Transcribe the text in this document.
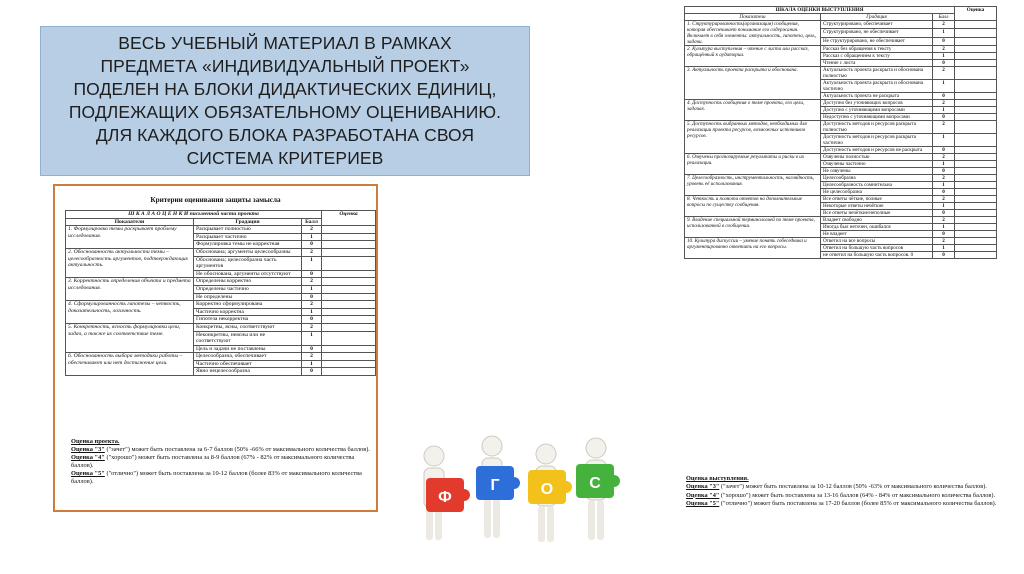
ВЕСЬ УЧЕБНЫЙ МАТЕРИАЛ В РАМКАХ
ПРЕДМЕТА «ИНДИВИДУАЛЬНЫЙ ПРОЕКТ»
ПОДЕЛЕН НА БЛОКИ ДИДАКТИЧЕСКИХ ЕДИНИЦ,
ПОДЛЕЖАЩИХ ОБЯЗАТЕЛЬНОМУ ОЦЕНИВАНИЮ.
ДЛЯ КАЖДОГО БЛОКА РАЗРАБОТАНА СВОЯ
СИСТЕМА КРИТЕРИЕВ
Критерии оценивания защиты замысла
Ш К А Л А О Ц Е Н К И письменной части проекта			Оценка
Показатели	Градация	Балл	
1. Формулировка темы раскрывает проблему исследования.	Раскрывает полностью	2	
	Раскрывает частично	1	
	Формулировка темы не корректная	0	
2. Обоснованность актуальности темы – целесообразность аргументов, подтверждающих актуальность.	Обоснована; аргументы целесообразны	2	
	Обоснована; целесообразна часть аргументов	1	
	Не обоснована, аргументы отсутствуют	0	
3. Корректность определения объекта и предмета исследования.	Определены корректно	2	
	Определены частично	1	
	Не определены	0	
4. Сформулированность гипотезы – четкость, доказательность, логичность.	Корректно сформулирована	2	
	Частично корректна	1	
	Гипотеза некорректна	0	
5. Конкретность, ясность формулировки цели, задач, а также их соответствие теме.	Конкретны, ясны, соответствуют	2	
	Неконкретны, неясны или не соответствуют	1	
	Цель и задачи не поставлены	0	
6. Обоснованность выбора методики работы – обеспечивают или нет достижение цели.	Целесообразна, обеспечивает	2	
	Частично обеспечивает	1	
	Явно нецелесообразна	0	
Оценка проекта.
Оценка "3" ("зачет") может быть поставлена за 6-7 баллов (50% -66% от максимального количества баллов).
Оценка "4" ("хорошо") может быть поставлена за 8-9 баллов (67% - 82% от максимального количества баллов).
Оценка "5" ("отлично") может быть поставлена за 10-12 баллов (более 83% от максимального количества баллов).
ШКАЛА ОЦЕНКИ ВЫСТУПЛЕНИЯ			Оценка
Показатели	Градация	Балл	
1. Структурированность(организация) сообщения, которая обеспечивает понимание его содержания. Включает в себя элементы: актуальность, гипотеза, цель, задачи.	Структурировано, обеспечивает	2	
	Структурировано, не обеспечивает	1	
	Не структурировано, не обеспечивает	0	
2. Культура выступления – чтение с листа или рассказ, обращённый к аудитории.	Рассказ без обращения к тексту	2	
	Рассказ с обращением к тексту	1	
	Чтение с листа	0	
3. Актуальность проекта раскрыта и обоснована.	Актуальность проекта раскрыта и обоснована полностью	2	
	Актуальность проекта раскрыта и обоснована частично	1	
	Актуальность проекта не раскрыта	0	
4. Доступность сообщения о теме проекта, его цели, задачах.	Доступно без уточняющих вопросов	2	
	Доступно с уточняющими вопросами	1	
	Недоступно с уточняющими вопросами	0	
5. Доступность выбранных методов, необходимых для реализации проекта ресурсов, возможных источников ресурсов.	Доступность методов и ресурсов раскрыта полностью	2	
	Доступность методов и ресурсов раскрыта частично	1	
	Доступность методов и ресурсов не раскрыта	0	
6. Озвучены прогнозируемые результаты и риски в их реализации.	Озвучены полностью	2	
	Озвучены частично	1	
	Не озвучены	0	
7. Целесообразность, инструментальность, наглядность, уровень её использования.	Целесообразна	2	
	Целесообразность сомнительна	1	
	Не целесообразна	0	
8. Четкость и полнота ответов на дополнительные вопросы по существу сообщения.	Все ответы чёткие, полные	2	
	Некоторые ответы нечёткие	1	
	Все ответы нечёткие/неполные	0	
9. Владение специальной терминологией по теме проекта, использованной в сообщении.	Владеет свободно	2	
	Иногда был неточен, ошибался	1	
	Не владеет	0	
10. Культура дискуссии – умение понять собеседника и аргументированно ответить на его вопросы.	Ответил на все вопросы	2	
	Ответил на большую часть вопросов	1	
	не ответил на большую часть вопросов. 0	0	
Оценка выступления.
Оценка "3" ("зачет") может быть поставлена за 10-12 баллов (50% -63% от максимального количества баллов).
Оценка "4" ("хорошо") может быть поставлена за 13-16 баллов (64% - 84% от максимального количества баллов).
Оценка "5" ("отлично") может быть поставлена за 17-20 баллов (более 85% от максимального количества баллов).
Ф
Г	О С
